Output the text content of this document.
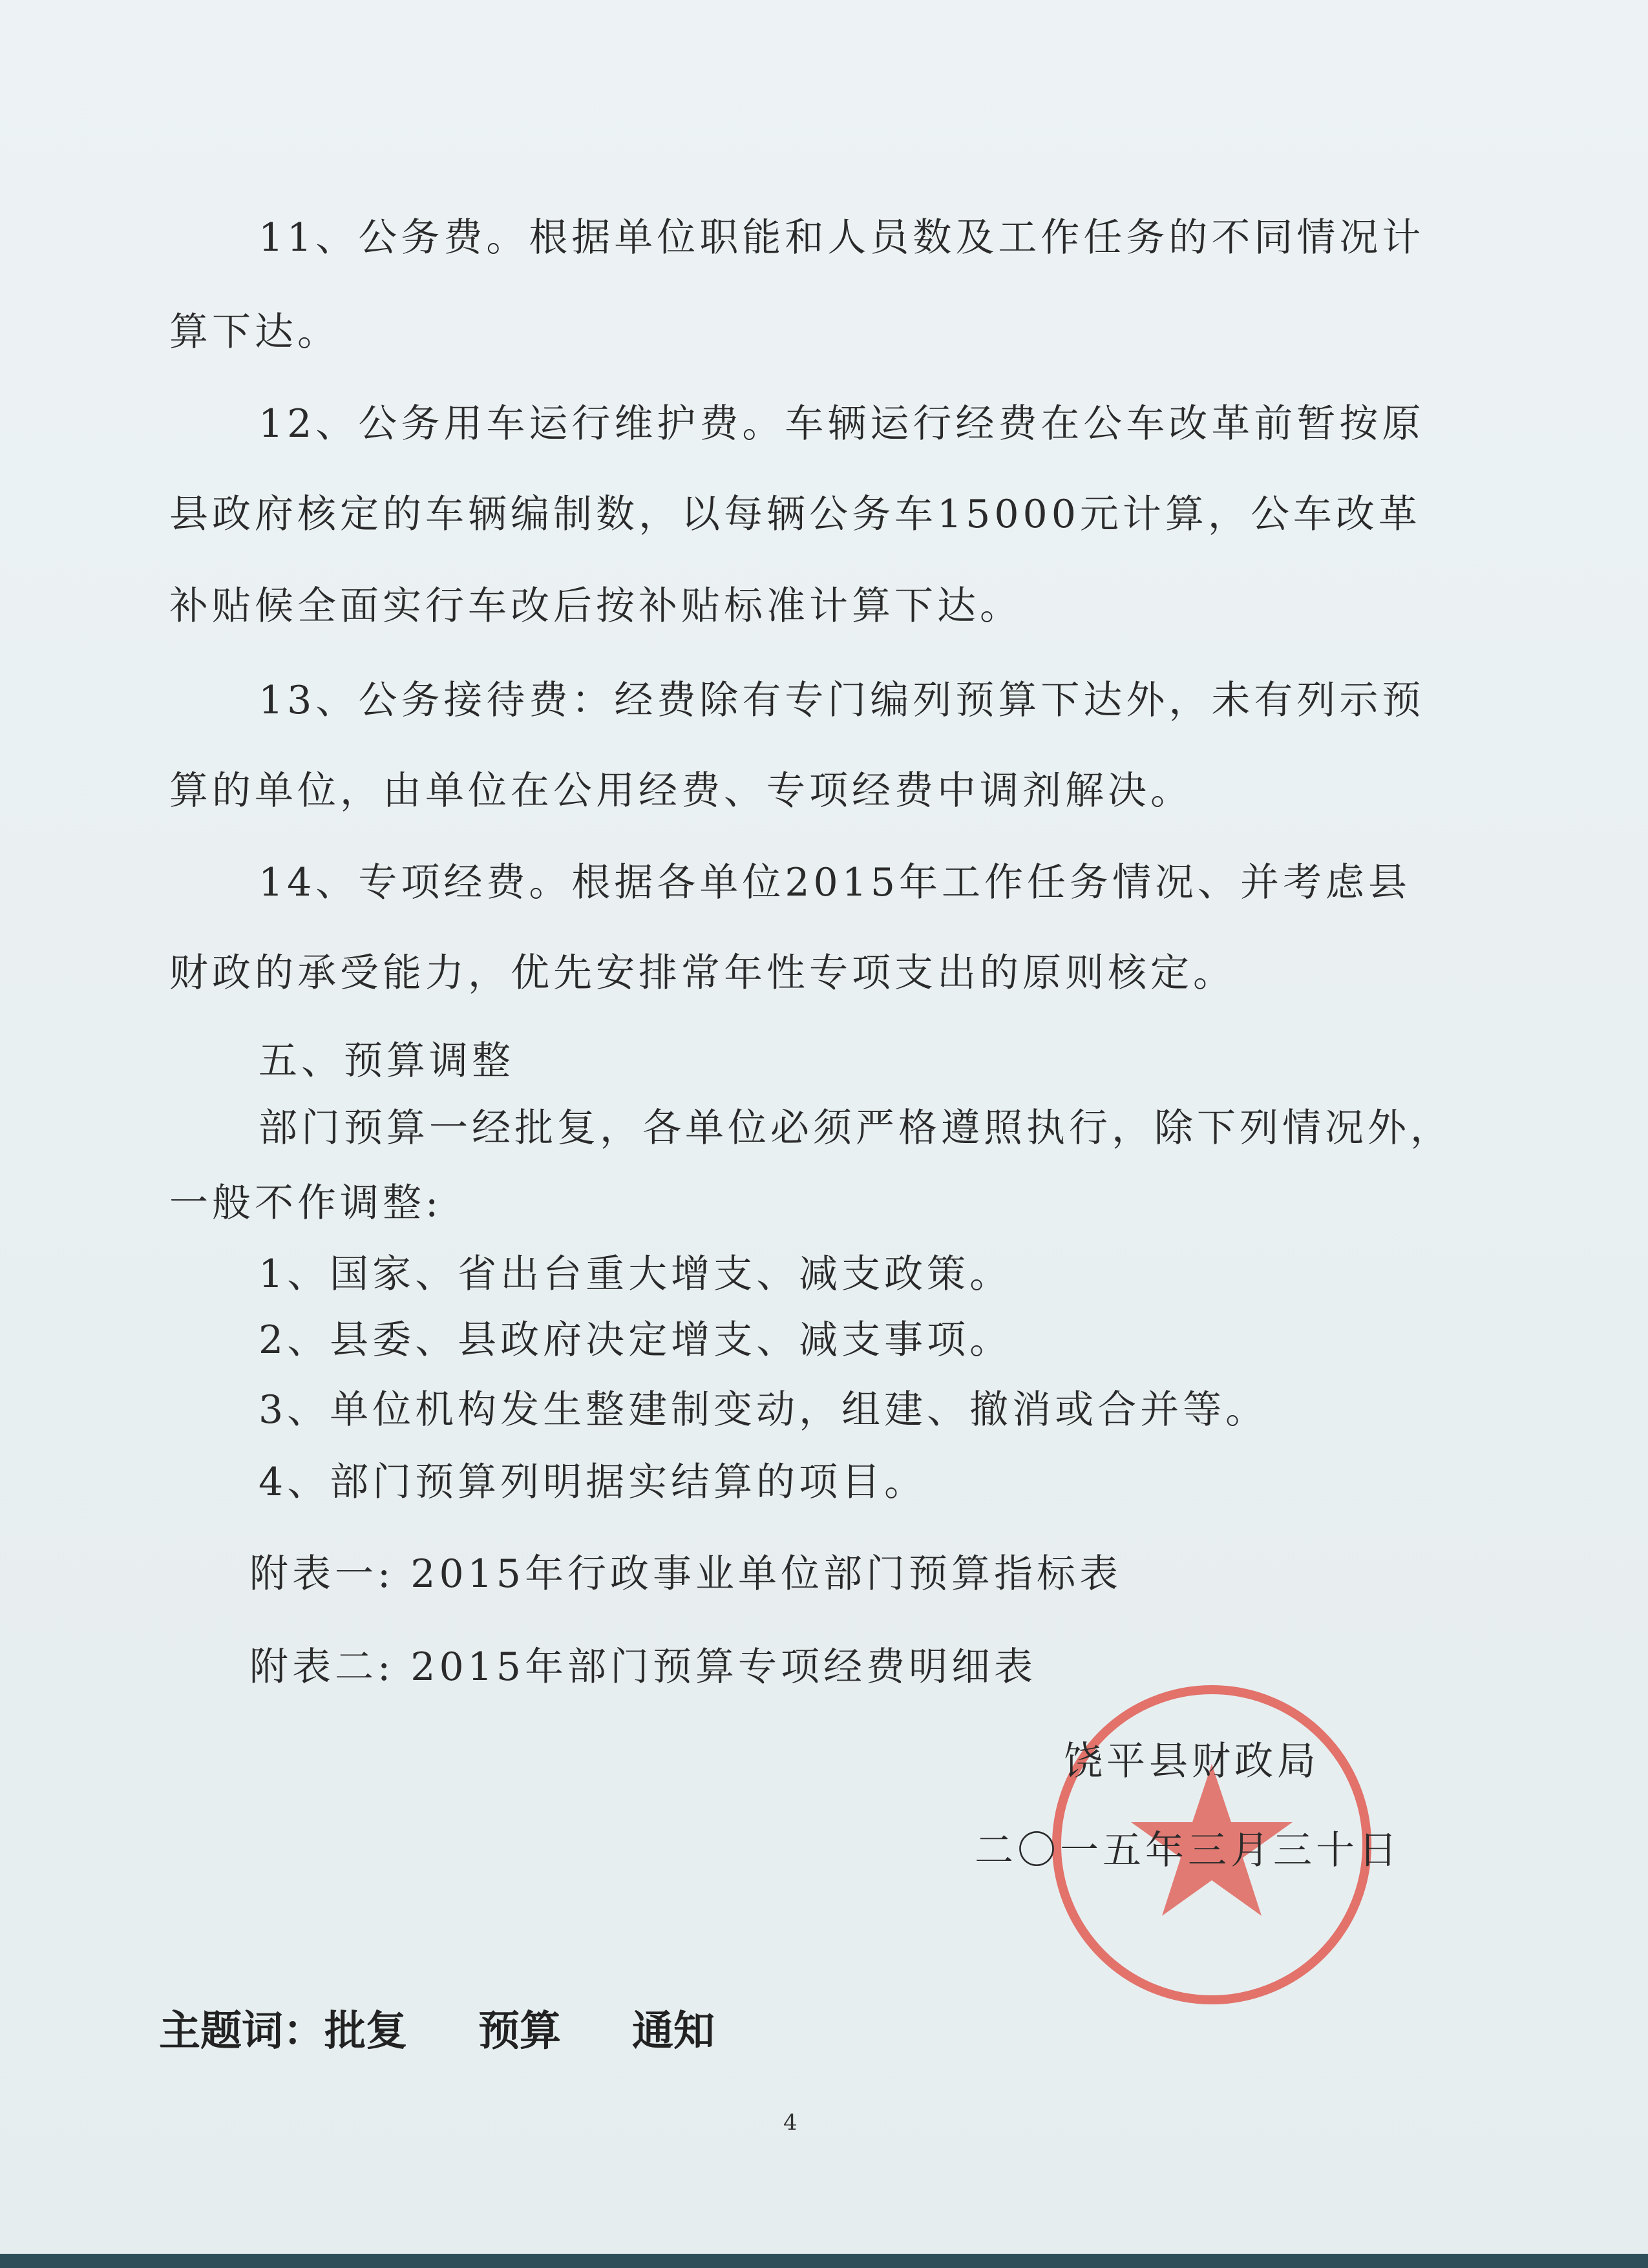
11、公务费。根据单位职能和人员数及工作任务的不同情况计
算下达。
12、公务用车运行维护费。车辆运行经费在公车改革前暂按原
县政府核定的车辆编制数，以每辆公务车15000元计算，公车改革
补贴候全面实行车改后按补贴标准计算下达。
13、公务接待费：经费除有专门编列预算下达外，未有列示预
算的单位，由单位在公用经费、专项经费中调剂解决。
14、专项经费。根据各单位2015年工作任务情况、并考虑县
财政的承受能力，优先安排常年性专项支出的原则核定。
五、预算调整
部门预算一经批复，各单位必须严格遵照执行，除下列情况外，
一般不作调整:
1、国家、省出台重大增支、减支政策。
2、县委、县政府决定增支、减支事项。
3、单位机构发生整建制变动，组建、撤消或合并等。
4、部门预算列明据实结算的项目。
附表一: 2015年行政事业单位部门预算指标表
附表二: 2015年部门预算专项经费明细表
饶平县财政局
二〇一五年三月三十日
主题词：批复 预算 通知
4
